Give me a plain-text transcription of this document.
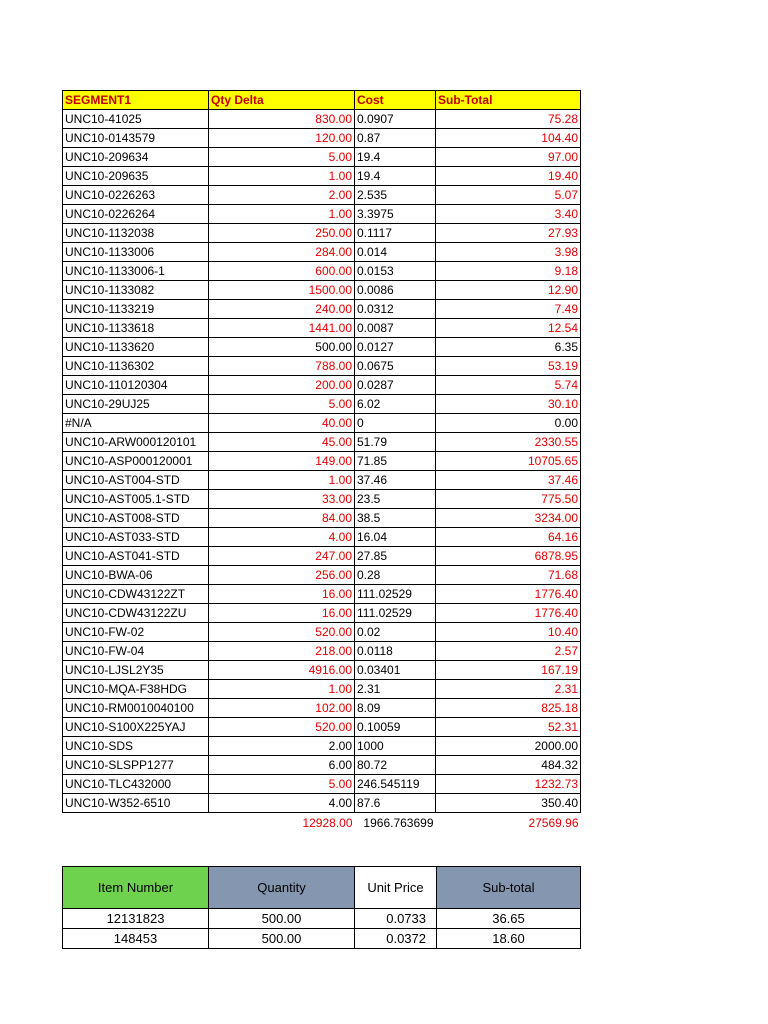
SEGMENT1	Qty Delta	Cost	Sub-Total
UNC10-41025	830.00	0.0907	75.28
UNC10-0143579	120.00	0.87	104.40
UNC10-209634	5.00	19.4	97.00
UNC10-209635	1.00	19.4	19.40
UNC10-0226263	2.00	2.535	5.07
UNC10-0226264	1.00	3.3975	3.40
UNC10-1132038	250.00	0.1117	27.93
UNC10-1133006	284.00	0.014	3.98
UNC10-1133006-1	600.00	0.0153	9.18
UNC10-1133082	1500.00	0.0086	12.90
UNC10-1133219	240.00	0.0312	7.49
UNC10-1133618	1441.00	0.0087	12.54
UNC10-1133620	500.00	0.0127	6.35
UNC10-1136302	788.00	0.0675	53.19
UNC10-110120304	200.00	0.0287	5.74
UNC10-29UJ25	5.00	6.02	30.10
#N/A	40.00	0	0.00
UNC10-ARW000120101	45.00	51.79	2330.55
UNC10-ASP000120001	149.00	71.85	10705.65
UNC10-AST004-STD	1.00	37.46	37.46
UNC10-AST005.1-STD	33.00	23.5	775.50
UNC10-AST008-STD	84.00	38.5	3234.00
UNC10-AST033-STD	4.00	16.04	64.16
UNC10-AST041-STD	247.00	27.85	6878.95
UNC10-BWA-06	256.00	0.28	71.68
UNC10-CDW43122ZT	16.00	111.02529	1776.40
UNC10-CDW43122ZU	16.00	111.02529	1776.40
UNC10-FW-02	520.00	0.02	10.40
UNC10-FW-04	218.00	0.0118	2.57
UNC10-LJSL2Y35	4916.00	0.03401	167.19
UNC10-MQA-F38HDG	1.00	2.31	2.31
UNC10-RM0010040100	102.00	8.09	825.18
UNC10-S100X225YAJ	520.00	0.10059	52.31
UNC10-SDS	2.00	1000	2000.00
UNC10-SLSPP1277	6.00	80.72	484.32
UNC10-TLC432000	5.00	246.545119	1232.73
UNC10-W352-6510	4.00	87.6	350.40
	12928.00	1966.763699	27569.96
Item Number	Quantity	Unit Price	Sub-total
12131823	500.00	0.0733	36.65
148453	500.00	0.0372	18.60
